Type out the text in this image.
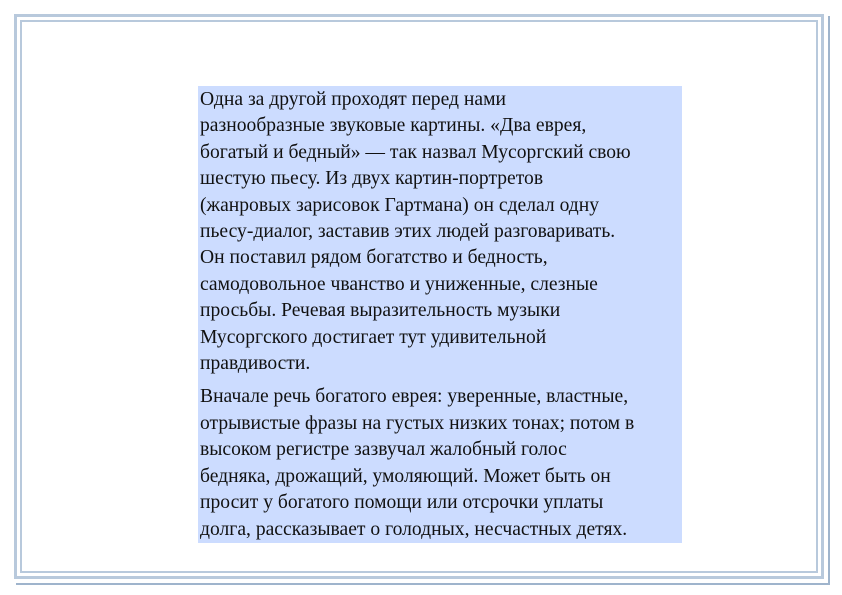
Одна за другой проходят перед нами
разнообразные звуковые картины. «Два еврея,
богатый и бедный» — так назвал Мусоргский свою
шестую пьесу. Из двух картин-портретов
(жанровых зарисовок Гартмана) он сделал одну
пьесу-диалог, заставив этих людей разговаривать.
Он поставил рядом богатство и бедность,
самодовольное чванство и униженные, слезные
просьбы. Речевая выразительность музыки
Мусоргского достигает тут удивительной
правдивости.

Вначале речь богатого еврея: уверенные, властные,
отрывистые фразы на густых низких тонах; потом в
высоком регистре зазвучал жалобный голос
бедняка, дрожащий, умоляющий. Может быть он
просит у богатого помощи или отсрочки уплаты
долга, рассказывает о голодных, несчастных детях.
